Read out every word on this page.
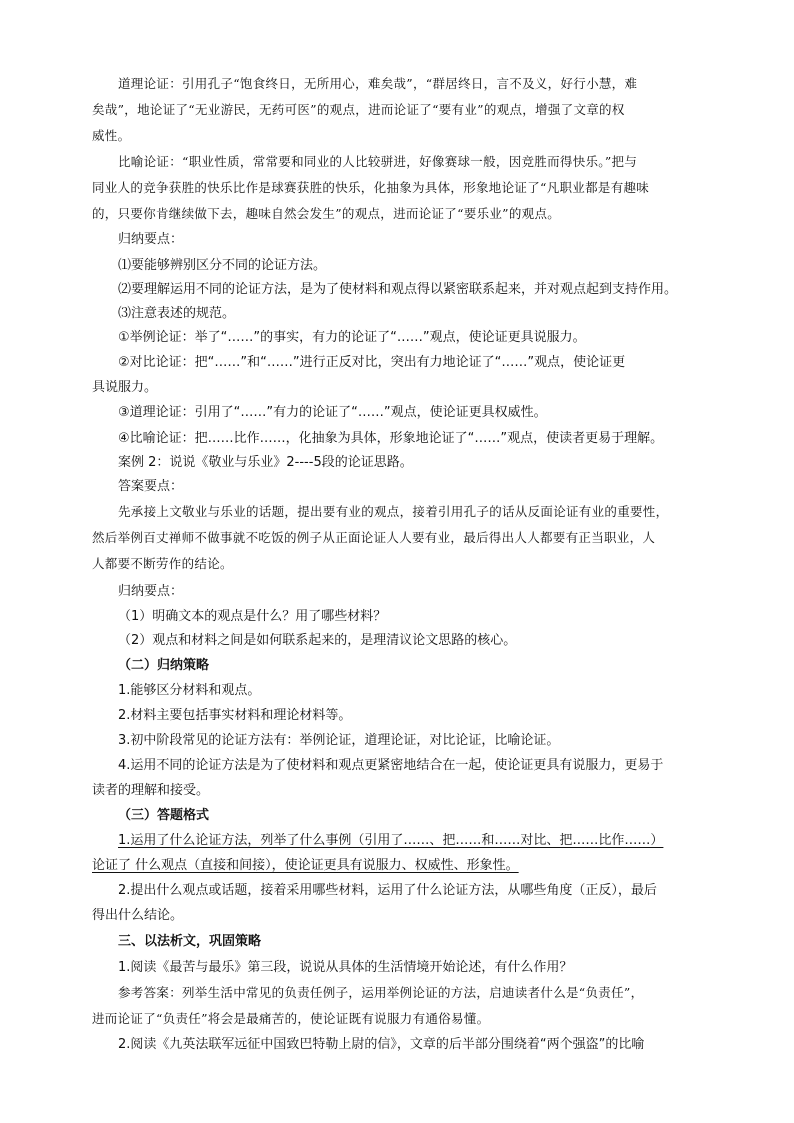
道理论证：引用孔子“饱食终日，无所用心，难矣哉”，“群居终日，言不及义，好行小慧，难
矣哉”，地论证了“无业游民，无药可医”的观点，进而论证了“要有业”的观点，增强了文章的权
威性。
比喻论证：“职业性质，常常要和同业的人比较骈进，好像赛球一般，因竞胜而得快乐。”把与
同业人的竞争获胜的快乐比作是球赛获胜的快乐，化抽象为具体，形象地论证了“凡职业都是有趣味
的，只要你肯继续做下去，趣味自然会发生”的观点，进而论证了“要乐业”的观点。
归纳要点：
⑴要能够辨别区分不同的论证方法。
⑵要理解运用不同的论证方法，是为了使材料和观点得以紧密联系起来，并对观点起到支持作用。
⑶注意表述的规范。
①举例论证：举了“……”的事实，有力的论证了“……”观点，使论证更具说服力。
②对比论证：把“……”和“……”进行正反对比，突出有力地论证了“……”观点，使论证更
具说服力。
③道理论证：引用了“……”有力的论证了“……”观点，使论证更具权威性。
④比喻论证：把……比作……，化抽象为具体，形象地论证了“……”观点，使读者更易于理解。
案例 2：说说《敬业与乐业》2----5段的论证思路。
答案要点：
先承接上文敬业与乐业的话题，提出要有业的观点，接着引用孔子的话从反面论证有业的重要性，
然后举例百丈禅师不做事就不吃饭的例子从正面论证人人要有业，最后得出人人都要有正当职业，人
人都要不断劳作的结论。
归纳要点：
（1）明确文本的观点是什么？用了哪些材料？
（2）观点和材料之间是如何联系起来的，是理清议论文思路的核心。
（二）归纳策略
1.能够区分材料和观点。
2.材料主要包括事实材料和理论材料等。
3.初中阶段常见的论证方法有：举例论证，道理论证，对比论证，比喻论证。
4.运用不同的论证方法是为了使材料和观点更紧密地结合在一起，使论证更具有说服力，更易于
读者的理解和接受。
（三）答题格式
1.运用了什么论证方法，列举了什么事例（引用了……、把……和……对比、把……比作……）
论证了 什么观点（直接和间接），使论证更具有说服力、权威性、形象性。
2.提出什么观点或话题，接着采用哪些材料，运用了什么论证方法，从哪些角度（正反），最后
得出什么结论。
三、以法析文，巩固策略
1.阅读《最苦与最乐》第三段，说说从具体的生活情境开始论述，有什么作用？
参考答案：列举生活中常见的负责任例子，运用举例论证的方法，启迪读者什么是“负责任”，
进而论证了“负责任”将会是最痛苦的，使论证既有说服力有通俗易懂。
2.阅读《九英法联军远征中国致巴特勒上尉的信》，文章的后半部分围绕着“两个强盗”的比喻
